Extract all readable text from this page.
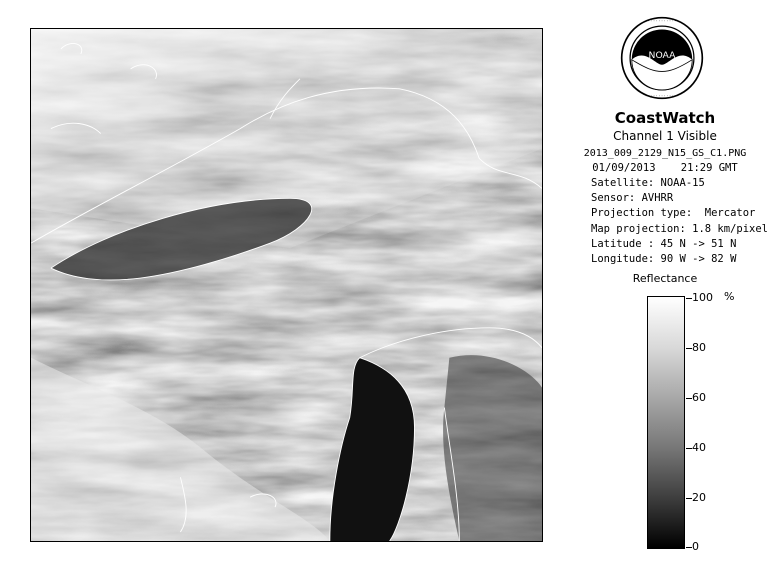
NOAA
· · · · · · · · · · · · ·
· · · · · · · · · · · · ·
CoastWatch
Channel 1 Visible
2013_009_2129_N15_GS_C1.PNG
01/09/2013    21:29 GMT
Satellite: NOAA-15
Sensor: AVHRR
Projection type:  Mercator
Map projection: 1.8 km/pixel
Latitude : 45 N -> 51 N
Longitude: 90 W -> 82 W
Reflectance
%
100
80
60
40
20
0
